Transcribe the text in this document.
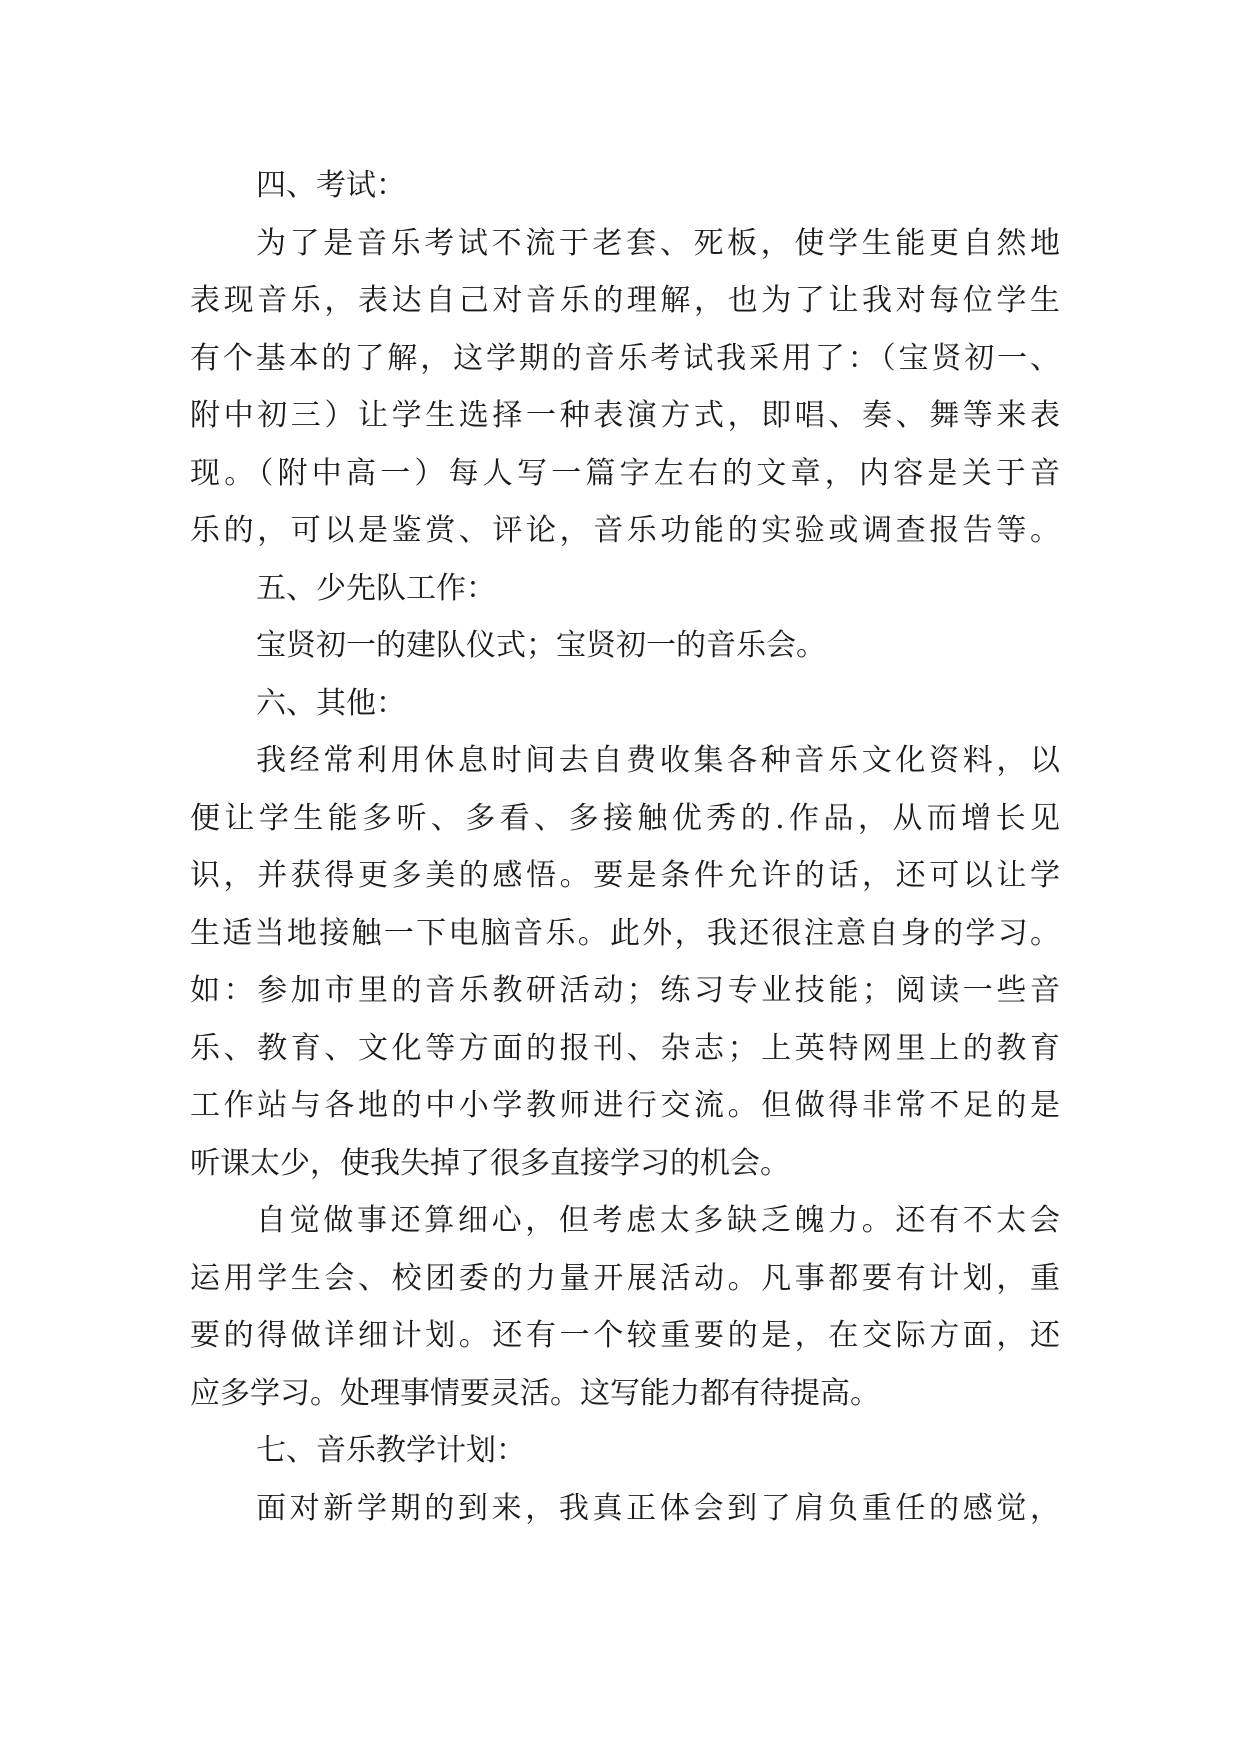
四、考试：
为了是音乐考试不流于老套、死板，使学生能更自然地
表现音乐，表达自己对音乐的理解，也为了让我对每位学生
有个基本的了解，这学期的音乐考试我采用了：（宝贤初一、
附中初三）让学生选择一种表演方式，即唱、奏、舞等来表
现。（附中高一）每人写一篇字左右的文章，内容是关于音
乐的，可以是鉴赏、评论，音乐功能的实验或调查报告等。
五、少先队工作：
宝贤初一的建队仪式；宝贤初一的音乐会。
六、其他：
我经常利用休息时间去自费收集各种音乐文化资料，以
便让学生能多听、多看、多接触优秀的.作品，从而增长见
识，并获得更多美的感悟。要是条件允许的话，还可以让学
生适当地接触一下电脑音乐。此外，我还很注意自身的学习。
如：参加市里的音乐教研活动；练习专业技能；阅读一些音
乐、教育、文化等方面的报刊、杂志；上英特网里上的教育
工作站与各地的中小学教师进行交流。但做得非常不足的是
听课太少，使我失掉了很多直接学习的机会。
自觉做事还算细心，但考虑太多缺乏魄力。还有不太会
运用学生会、校团委的力量开展活动。凡事都要有计划，重
要的得做详细计划。还有一个较重要的是，在交际方面，还
应多学习。处理事情要灵活。这写能力都有待提高。
七、音乐教学计划：
面对新学期的到来，我真正体会到了肩负重任的感觉，
